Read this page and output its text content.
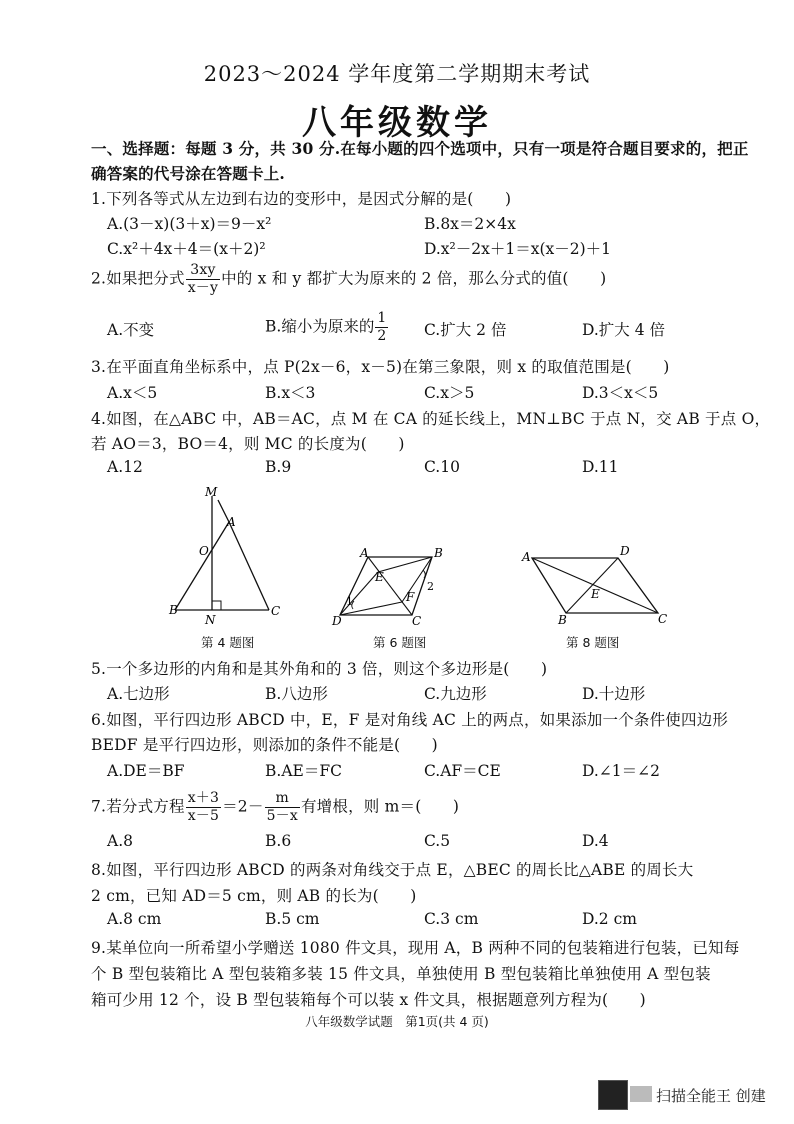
2023～2024 学年度第二学期期末考试
八年级数学
一、选择题：每题 3 分，共 30 分.在每小题的四个选项中，只有一项是符合题目要求的，把正
确答案的代号涂在答题卡上.
1.下列各等式从左边到右边的变形中，是因式分解的是(　　)
A.(3－x)(3＋x)＝9－x²	B.8x＝2×4x
C.x²＋4x＋4＝(x＋2)²	D.x²－2x＋1＝x(x－2)＋1
2.如果把分式 $\frac{3xy}{x-y}$ 中的 x 和 y 都扩大为原来的 2 倍，那么分式的值(　　)
A.不变	B.缩小为原来的 $\frac{1}{2} C$.扩大 2 倍	D.扩大 4 倍
3.在平面直角坐标系中，点 P(2x－6，x－5)在第三象限，则 x 的取值范围是(　　)
A.x＜5	B.x＜3	C.x＞5	D.3＜x＜5
4.如图，在△ABC 中，AB＝AC，点 M 在 CA 的延长线上，MN⊥BC 于点 N，交 AB 于点 O，
若 AO＝3，BO＝4，则 MC 的长度为(　　)
A.12	B.9	C.10	D.11
M
A
O
B
N
C
第 4 题图
A	B
E
F
D	C
1
2
第 6 题图
A	D
E
B	C
第 8 题图
5.一个多边形的内角和是其外角和的 3 倍，则这个多边形是(　　)
A.七边形	B.八边形	C.九边形	D.十边形
6.如图，平行四边形 ABCD 中，E，F 是对角线 AC 上的两点，如果添加一个条件使四边形
BEDF 是平行四边形，则添加的条件不能是(　　)
A.DE＝BF	B.AE＝FC	C.AF＝CE	D.∠1＝∠2
7.若分式方程 $\frac{x+3}{x-5} =2- \frac{m}{5-x}$ 有增根，则 m＝(　　)
A.8	B.6	C.5	D.4
8.如图，平行四边形 ABCD 的两条对角线交于点 E，△BEC 的周长比△ABE 的周长大
2 cm，已知 AD＝5 cm，则 AB 的长为(　　)
A.8 cm	B.5 cm	C.3 cm	D.2 cm
9.某单位向一所希望小学赠送 1080 件文具，现用 A，B 两种不同的包装箱进行包装，已知每
个 B 型包装箱比 A 型包装箱多装 15 件文具，单独使用 B 型包装箱比单独使用 A 型包装
箱可少用 12 个，设 B 型包装箱每个可以装 x 件文具，根据题意列方程为(　　)
八年级数学试题　第1页(共 4 页)
扫描全能王 创建
